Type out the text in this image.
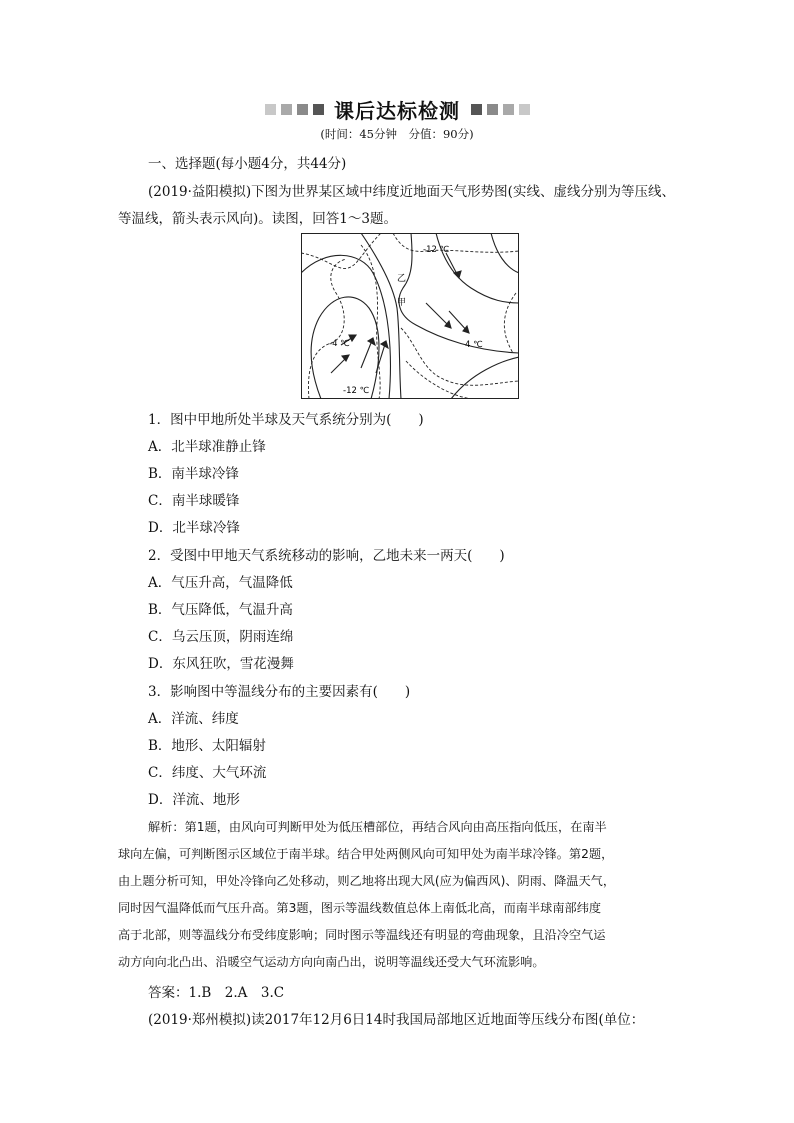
课后达标检测
(时间：45分钟　分值：90分)
一、选择题(每小题4分，共44分)
(2019·益阳模拟)下图为世界某区域中纬度近地面天气形势图(实线、虚线分别为等压线、
等温线，箭头表示风向)。读图，回答1～3题。
-12 ℃
-4 ℃	4 ℃
-12 ℃
乙
甲
1．图中甲地所处半球及天气系统分别为(　　)
A．北半球准静止锋
B．南半球冷锋
C．南半球暖锋
D．北半球冷锋
2．受图中甲地天气系统移动的影响，乙地未来一两天(　　)
A．气压升高，气温降低
B．气压降低，气温升高
C．乌云压顶，阴雨连绵
D．东风狂吹，雪花漫舞
3．影响图中等温线分布的主要因素有(　　)
A．洋流、纬度
B．地形、太阳辐射
C．纬度、大气环流
D．洋流、地形
解析：第1题，由风向可判断甲处为低压槽部位，再结合风向由高压指向低压，在南半
球向左偏，可判断图示区域位于南半球。结合甲处两侧风向可知甲处为南半球冷锋。第2题，
由上题分析可知，甲处冷锋向乙处移动，则乙地将出现大风(应为偏西风)、阴雨、降温天气，
同时因气温降低而气压升高。第3题，图示等温线数值总体上南低北高，而南半球南部纬度
高于北部，则等温线分布受纬度影响；同时图示等温线还有明显的弯曲现象，且沿冷空气运
动方向向北凸出、沿暖空气运动方向向南凸出，说明等温线还受大气环流影响。
答案：1.B　2.A　3.C
(2019·郑州模拟)读2017年12月6日14时我国局部地区近地面等压线分布图(单位：
